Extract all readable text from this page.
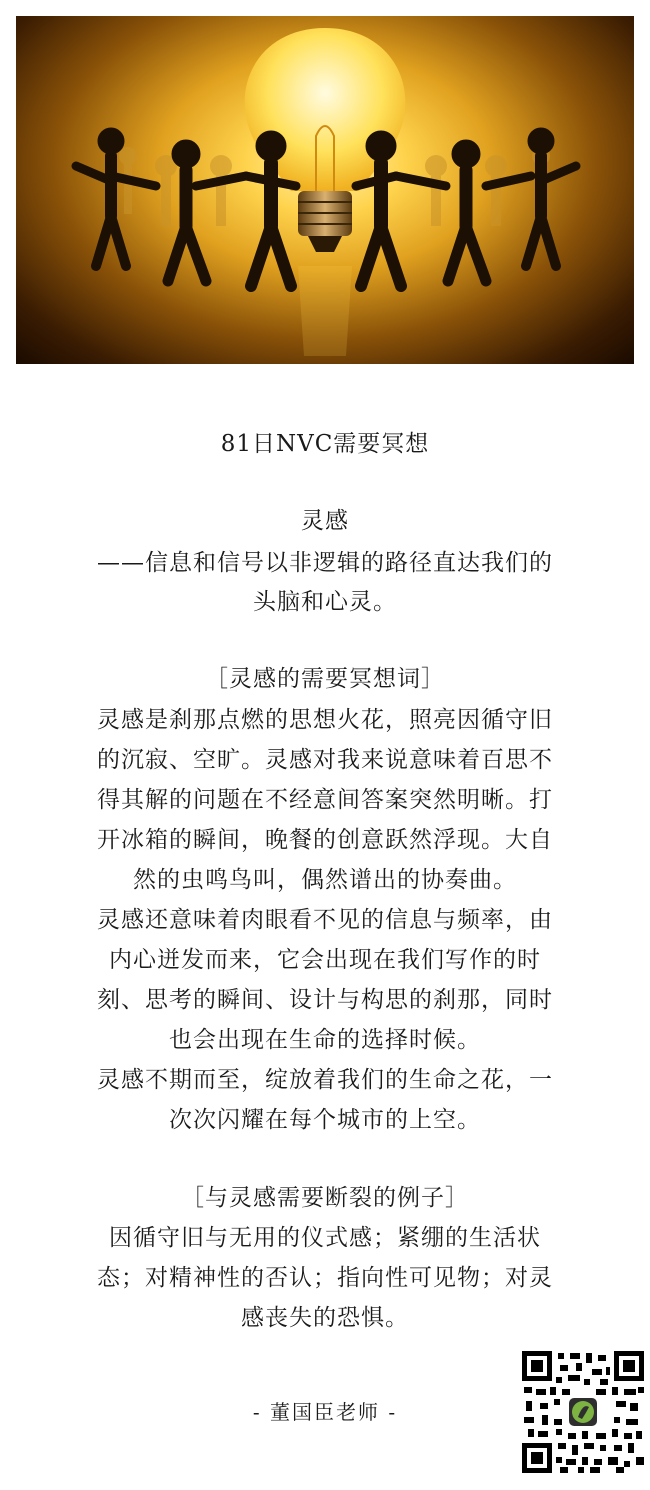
81日NVC需要冥想
灵感
——信息和信号以非逻辑的路径直达我们的
头脑和心灵。
［灵感的需要冥想词］
灵感是刹那点燃的思想火花，照亮因循守旧
的沉寂、空旷。灵感对我来说意味着百思不
得其解的问题在不经意间答案突然明晰。打
开冰箱的瞬间，晚餐的创意跃然浮现。大自
然的虫鸣鸟叫，偶然谱出的协奏曲。
灵感还意味着肉眼看不见的信息与频率，由
内心迸发而来，它会出现在我们写作的时
刻、思考的瞬间、设计与构思的刹那，同时
也会出现在生命的选择时候。
灵感不期而至，绽放着我们的生命之花，一
次次闪耀在每个城市的上空。
［与灵感需要断裂的例子］
因循守旧与无用的仪式感；紧绷的生活状
态；对精神性的否认；指向性可见物；对灵
感丧失的恐惧。
- 董国臣老师 -
